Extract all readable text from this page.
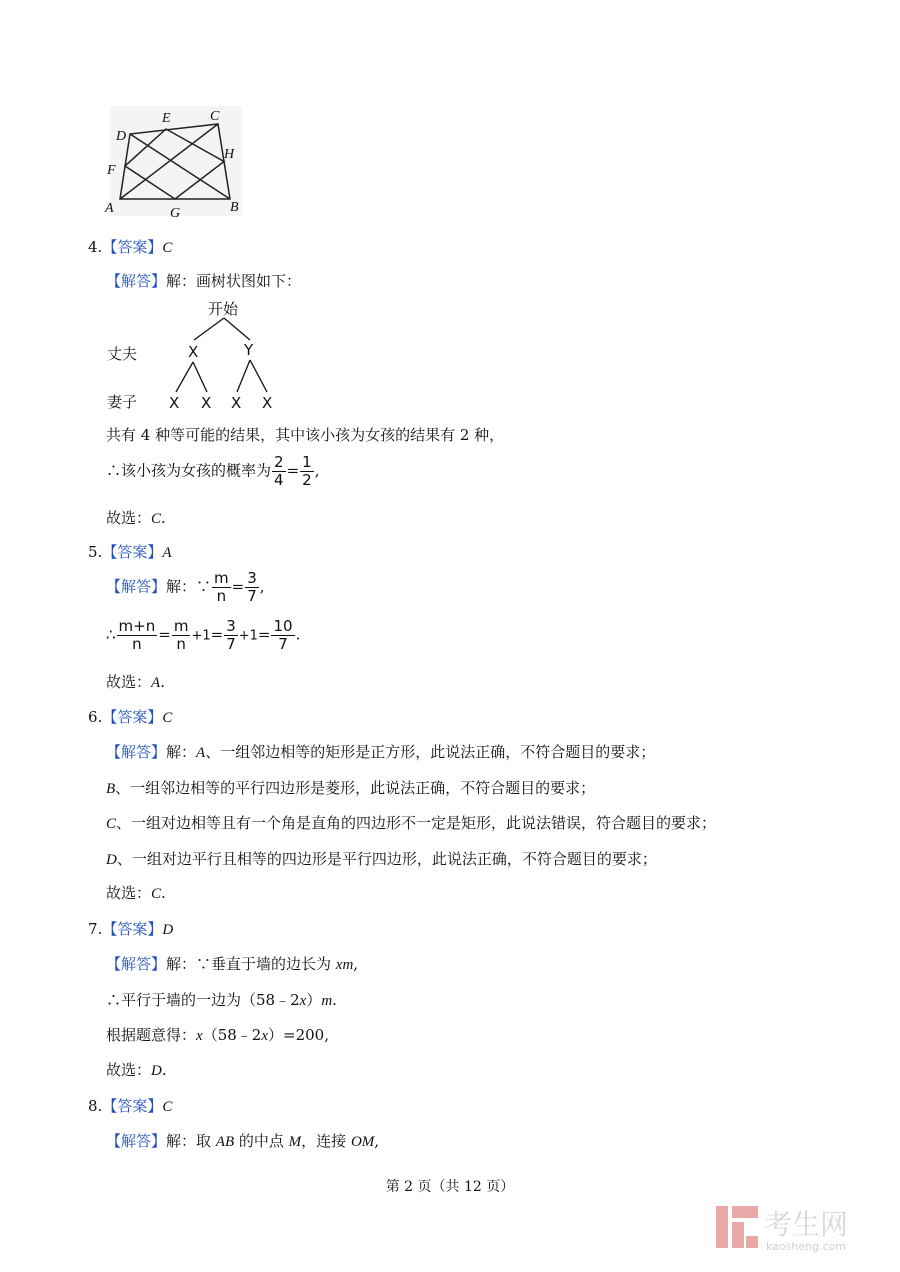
D
E	C
H
F
A	G	B
4.【答案】C
【解答】解：画树状图如下：
开始
丈夫
妻子
X	Y
X X X X
共有 4 种等可能的结果，其中该小孩为女孩的结果有 2 种，
∴该小孩为女孩的概率为 $\frac{2}{4} = \frac{1}{2}$ ,
故选：C.
5.【答案】A
【解答】解：∵ $\frac{m}{n} = \frac{3}{7}$ ,
∴ $\frac{m+n}{n} = \frac{m}{n} +1= \frac{3}{7} +1= \frac{10}{7}$ .
故选：A.
6.【答案】C
【解答】解：A、一组邻边相等的矩形是正方形，此说法正确，不符合题目的要求；
B、一组邻边相等的平行四边形是菱形，此说法正确，不符合题目的要求；
C、一组对边相等且有一个角是直角的四边形不一定是矩形，此说法错误，符合题目的要求；
D、一组对边平行且相等的四边形是平行四边形，此说法正确，不符合题目的要求；
故选：C.
7.【答案】D
【解答】解：∵垂直于墙的边长为 xm,
∴平行于墙的一边为（58﹣2x）m.
根据题意得：x（58﹣2x）=200,
故选：D.
8.【答案】C
【解答】解：取 AB 的中点 M，连接 OM,
第 2 页（共 12 页）
考生网
kaosheng.com
